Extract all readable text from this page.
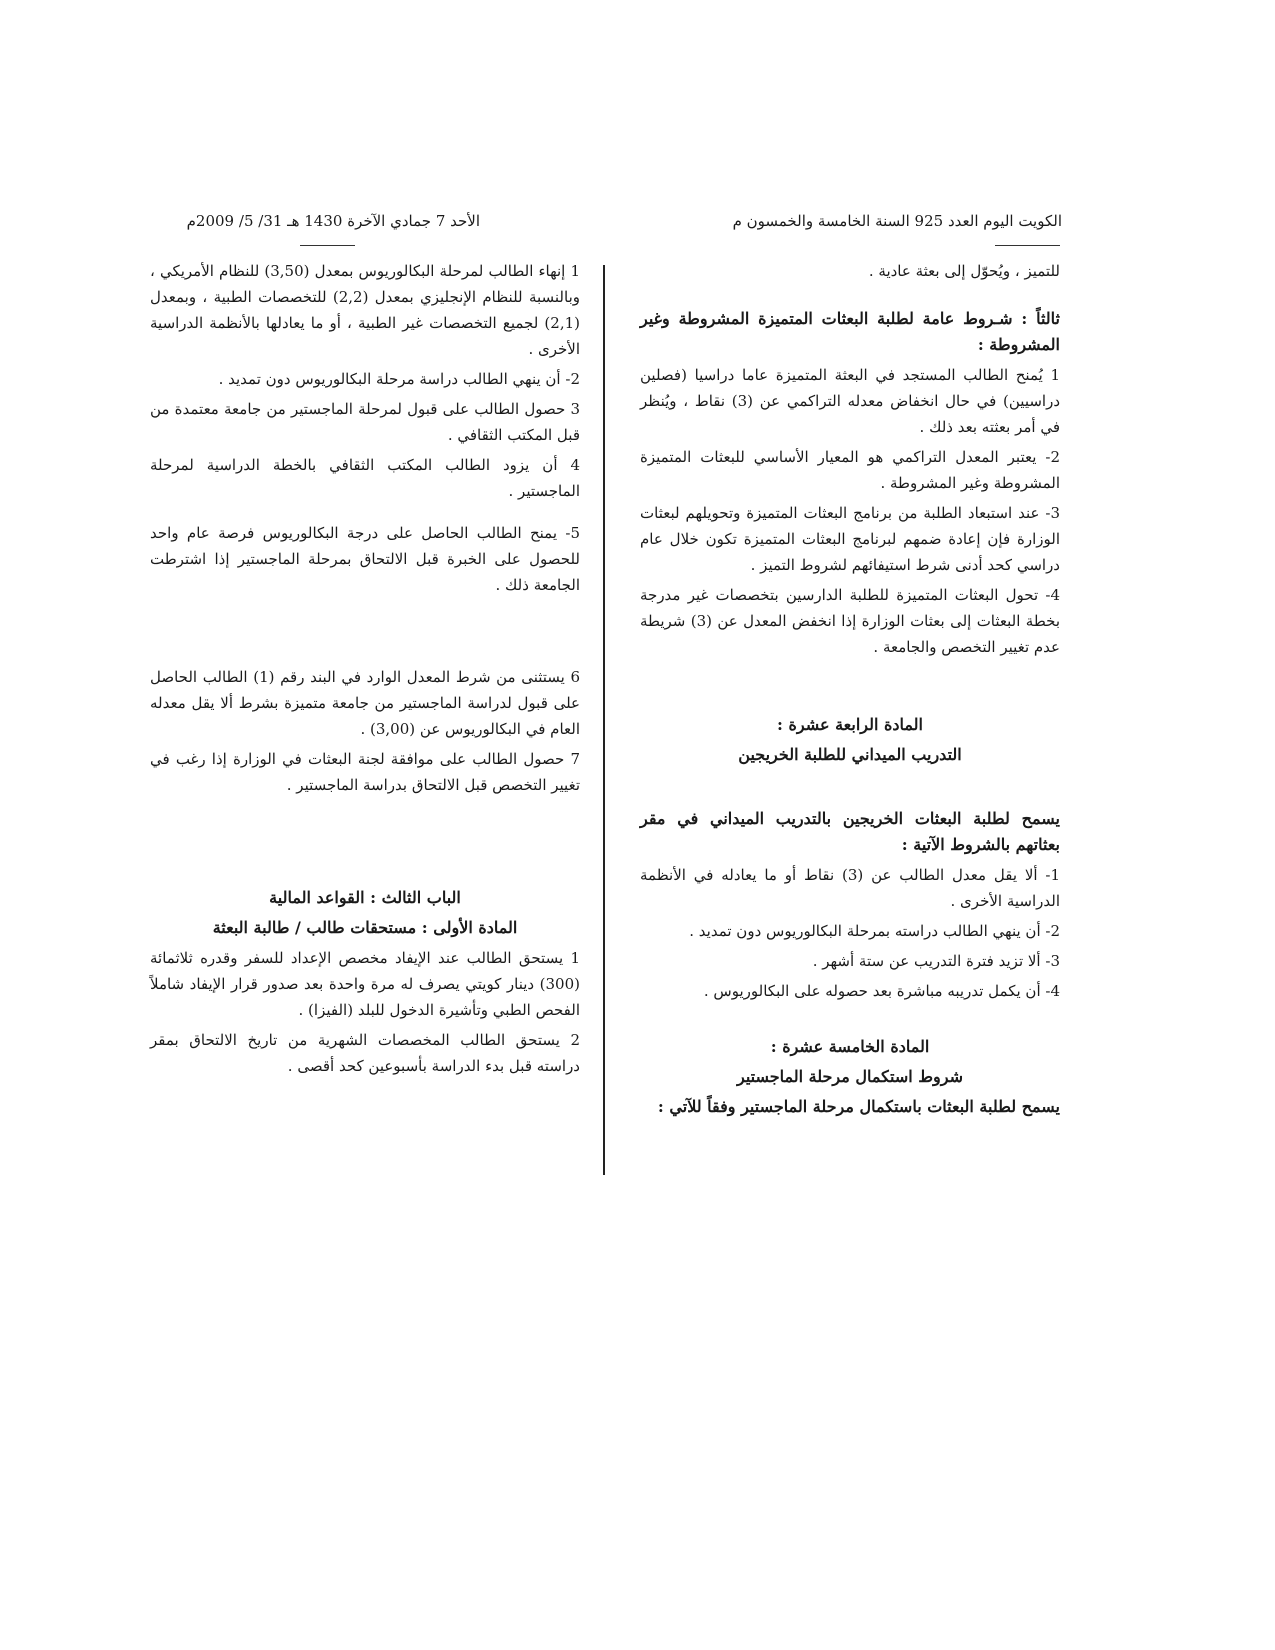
الكويت اليوم العدد 925 السنة الخامسة والخمسون م
الأحد 7 جمادي الآخرة 1430 هـ 31/ 5/ 2009م

للتميز ، ويُحوّل إلى بعثة عادية .

ثالثاً : شـروط عامة لطلبة البعثات المتميزة المشروطة وغير المشروطة :

1 يُمنح الطالب المستجد في البعثة المتميزة عاما دراسيا (فصلين دراسيين) في حال انخفاض معدله التراكمي عن (3) نقاط ، ويُنظر في أمر بعثته بعد ذلك .

2- يعتبر المعدل التراكمي هو المعيار الأساسي للبعثات المتميزة المشروطة وغير المشروطة .

3- عند استبعاد الطلبة من برنامج البعثات المتميزة وتحويلهم لبعثات الوزارة فإن إعادة ضمهم لبرنامج البعثات المتميزة تكون خلال عام دراسي كحد أدنى شرط استيفائهم لشروط التميز .

4- تحول البعثات المتميزة للطلبة الدارسين بتخصصات غير مدرجة بخطة البعثات إلى بعثات الوزارة إذا انخفض المعدل عن (3) شريطة عدم تغيير التخصص والجامعة .

المادة الرابعة عشرة :

التدريب الميداني للطلبة الخريجين

يسمح لطلبة البعثات الخريجين بالتدريب الميداني في مقر بعثاتهم بالشروط الآتية :

1- ألا يقل معدل الطالب عن (3) نقاط أو ما يعادله في الأنظمة الدراسية الأخرى .

2- أن ينهي الطالب دراسته بمرحلة البكالوريوس دون تمديد .

3- ألا تزيد فترة التدريب عن ستة أشهر .

4- أن يكمل تدريبه مباشرة بعد حصوله على البكالوريوس .

المادة الخامسة عشرة :

شروط استكمال مرحلة الماجستير

يسمح لطلبة البعثات باستكمال مرحلة الماجستير وفقاً للآتي :

1 إنهاء الطالب لمرحلة البكالوريوس بمعدل (3,50) للنظام الأمريكي ، وبالنسبة للنظام الإنجليزي بمعدل (2,2) للتخصصات الطبية ، وبمعدل (2,1) لجميع التخصصات غير الطبية ، أو ما يعادلها بالأنظمة الدراسية الأخرى .

2- أن ينهي الطالب دراسة مرحلة البكالوريوس دون تمديد .

3 حصول الطالب على قبول لمرحلة الماجستير من جامعة معتمدة من قبل المكتب الثقافي .

4 أن يزود الطالب المكتب الثقافي بالخطة الدراسية لمرحلة الماجستير .

5- يمنح الطالب الحاصل على درجة البكالوريوس فرصة عام واحد للحصول على الخبرة قبل الالتحاق بمرحلة الماجستير إذا اشترطت الجامعة ذلك .

6 يستثنى من شرط المعدل الوارد في البند رقم (1) الطالب الحاصل على قبول لدراسة الماجستير من جامعة متميزة بشرط ألا يقل معدله العام في البكالوريوس عن (3,00) .

7 حصول الطالب على موافقة لجنة البعثات في الوزارة إذا رغب في تغيير التخصص قبل الالتحاق بدراسة الماجستير .

الباب الثالث : القواعد المالية

المادة الأولى : مستحقات طالب / طالبة البعثة

1 يستحق الطالب عند الإيفاد مخصص الإعداد للسفر وقدره ثلاثمائة (300) دينار كويتي يصرف له مرة واحدة بعد صدور قرار الإيفاد شاملاً الفحص الطبي وتأشيرة الدخول للبلد (الفيزا) .

2 يستحق الطالب المخصصات الشهرية من تاريخ الالتحاق بمقر دراسته قبل بدء الدراسة بأسبوعين كحد أقصى .
